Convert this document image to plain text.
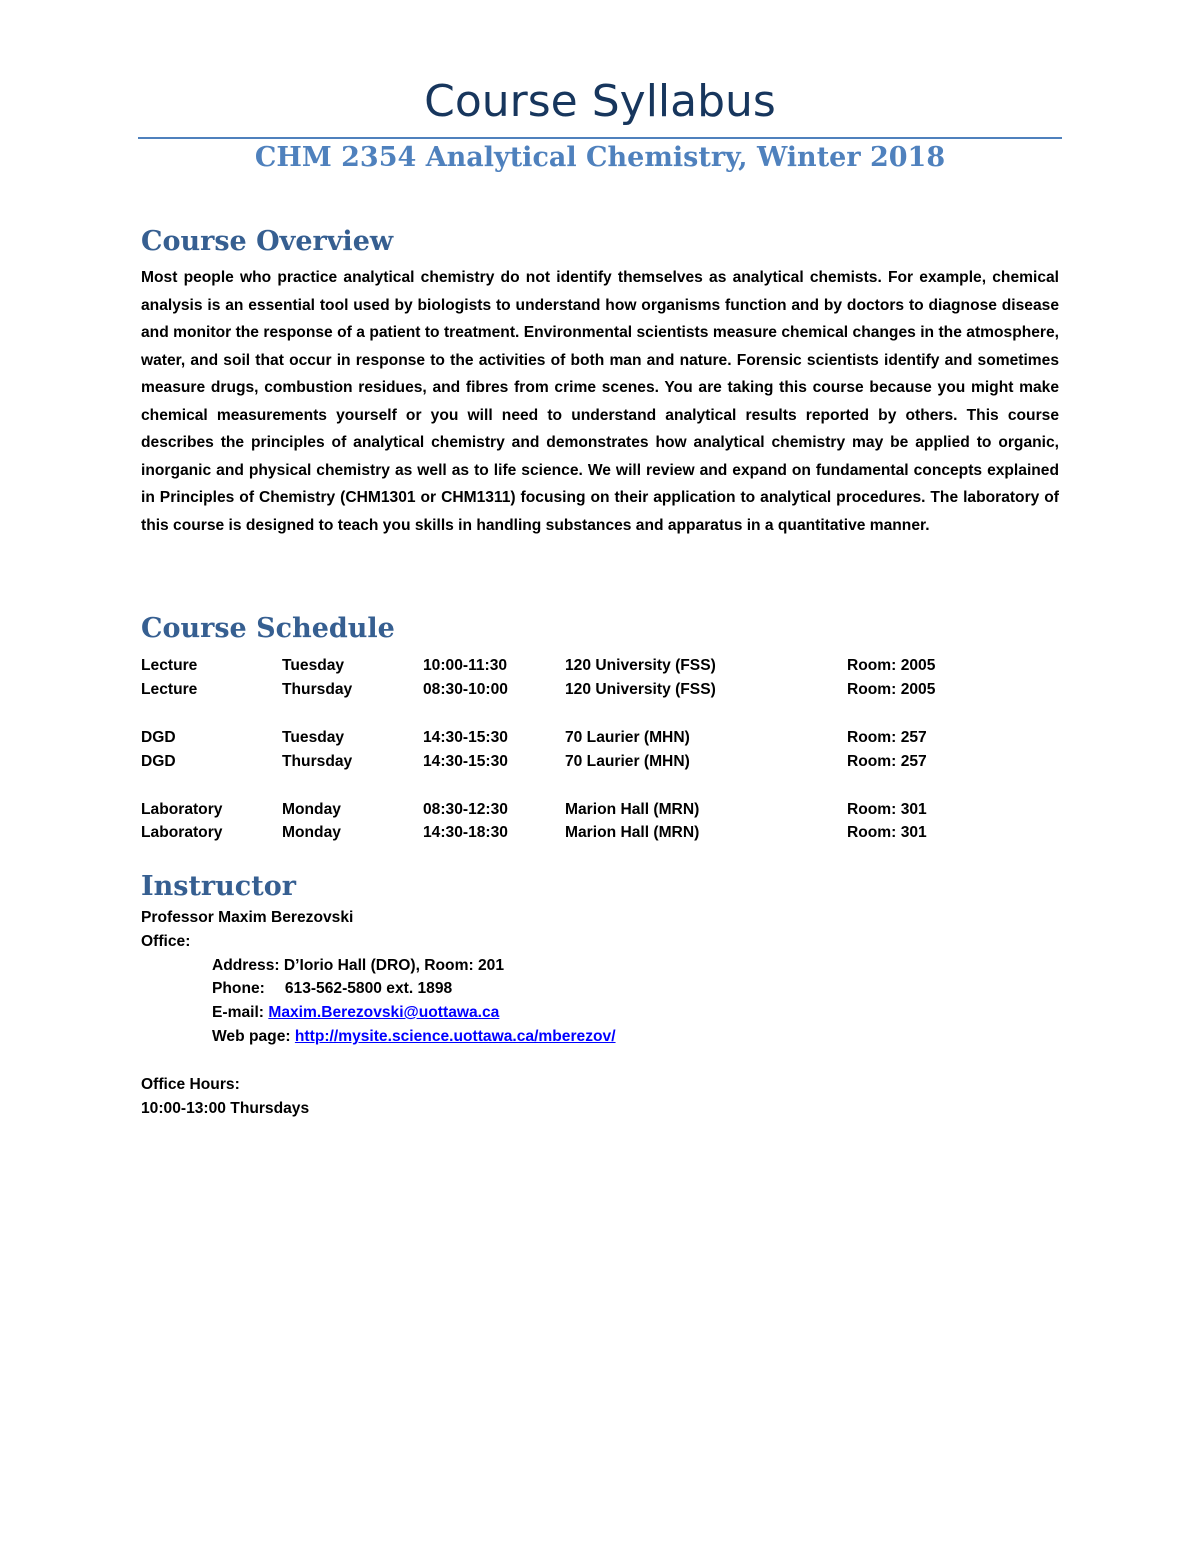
Course Syllabus
CHM 2354 Analytical Chemistry, Winter 2018
Course Overview

Most people who practice analytical chemistry do not identify themselves as analytical chemists. For example, chemical analysis is an essential tool used by biologists to understand how organisms function and by doctors to diagnose disease and monitor the response of a patient to treatment. Environmental scientists measure chemical changes in the atmosphere, water, and soil that occur in response to the activities of both man and nature. Forensic scientists identify and sometimes measure drugs, combustion residues, and fibres from crime scenes. You are taking this course because you might make chemical measurements yourself or you will need to understand analytical results reported by others. This course describes the principles of analytical chemistry and demonstrates how analytical chemistry may be applied to organic, inorganic and physical chemistry as well as to life science. We will review and expand on fundamental concepts explained in Principles of Chemistry (CHM1301 or CHM1311) focusing on their application to analytical procedures. The laboratory of this course is designed to teach you skills in handling substances and apparatus in a quantitative manner.

Course Schedule
Lecture	Tuesday	10:00-11:30	120 University (FSS)	Room: 2005
Lecture	Thursday	08:30-10:00	120 University (FSS)	Room: 2005
DGD	Tuesday	14:30-15:30	70 Laurier (MHN)	Room: 257
DGD	Thursday	14:30-15:30	70 Laurier (MHN)	Room: 257
Laboratory	Monday	08:30-12:30	Marion Hall (MRN)	Room: 301
Laboratory	Monday	14:30-18:30	Marion Hall (MRN)	Room: 301
Instructor
Professor Maxim Berezovski
Office:
Address: D’Iorio Hall (DRO), Room: 201
Phone: 613-562-5800 ext. 1898
E-mail: Maxim.Berezovski@uottawa.ca
Web page: http://mysite.science.uottawa.ca/mberezov/
Office Hours:
10:00-13:00 Thursdays
